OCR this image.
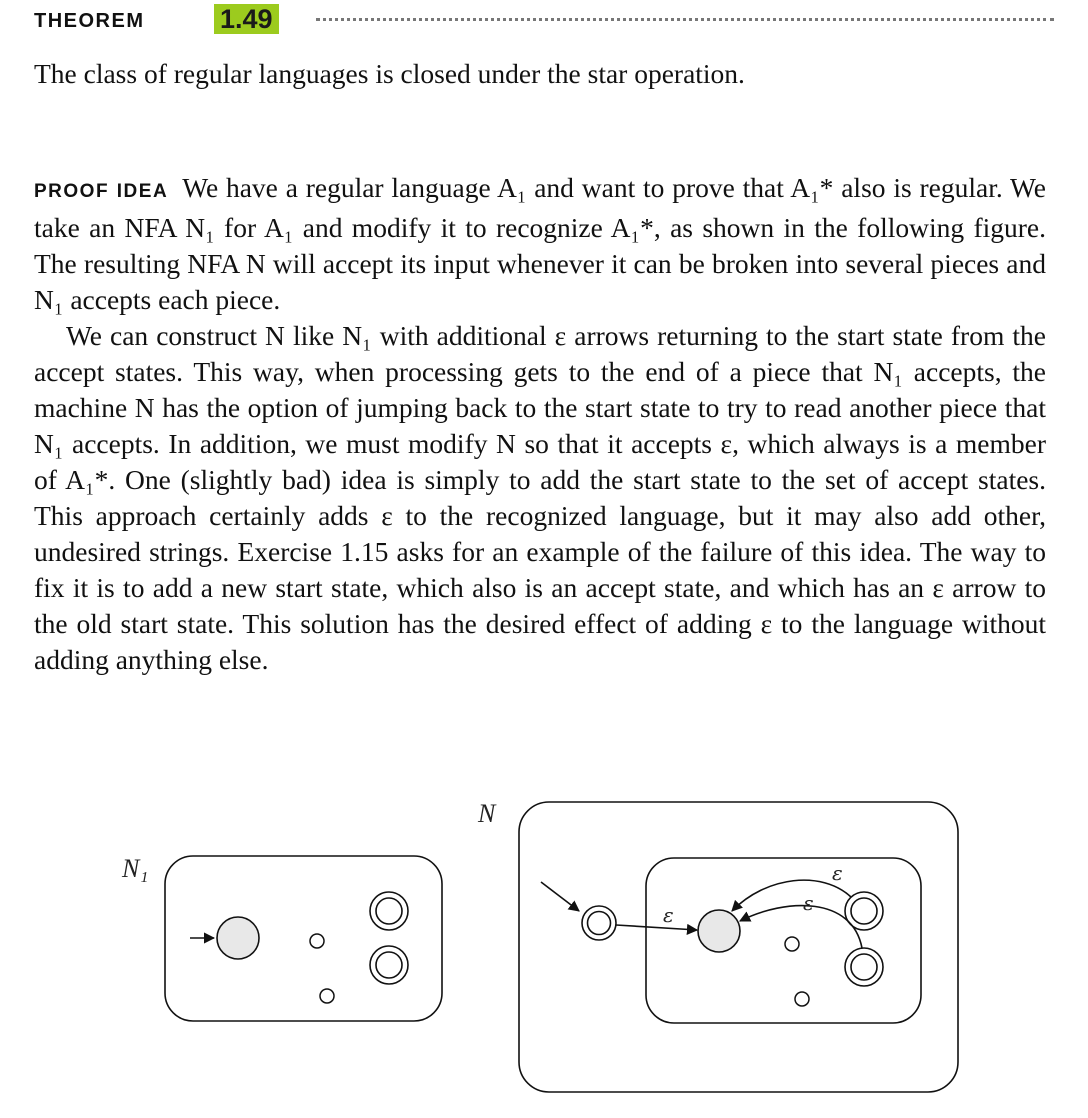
THEOREM	1.49
The class of regular languages is closed under the star operation.

PROOF IDEA We have a regular language A₁ and want to prove that A₁* also is regular. We take an NFA N₁ for A₁ and modify it to recognize A₁*, as shown in the following figure. The resulting NFA N will accept its input whenever it can be broken into several pieces and N₁ accepts each piece.

We can construct N like N₁ with additional ε arrows returning to the start state from the accept states. This way, when processing gets to the end of a piece that N₁ accepts, the machine N has the option of jumping back to the start state to try to read another piece that N₁ accepts. In addition, we must modify N so that it accepts ε, which always is a member of A₁*. One (slightly bad) idea is simply to add the start state to the set of accept states. This approach certainly adds ε to the recognized language, but it may also add other, undesired strings. Exercise 1.15 asks for an example of the failure of this idea. The way to fix it is to add a new start state, which also is an accept state, and which has an ε arrow to the old start state. This solution has the desired effect of adding ε to the language without adding anything else.

N₁
N
ε
ε
ε
